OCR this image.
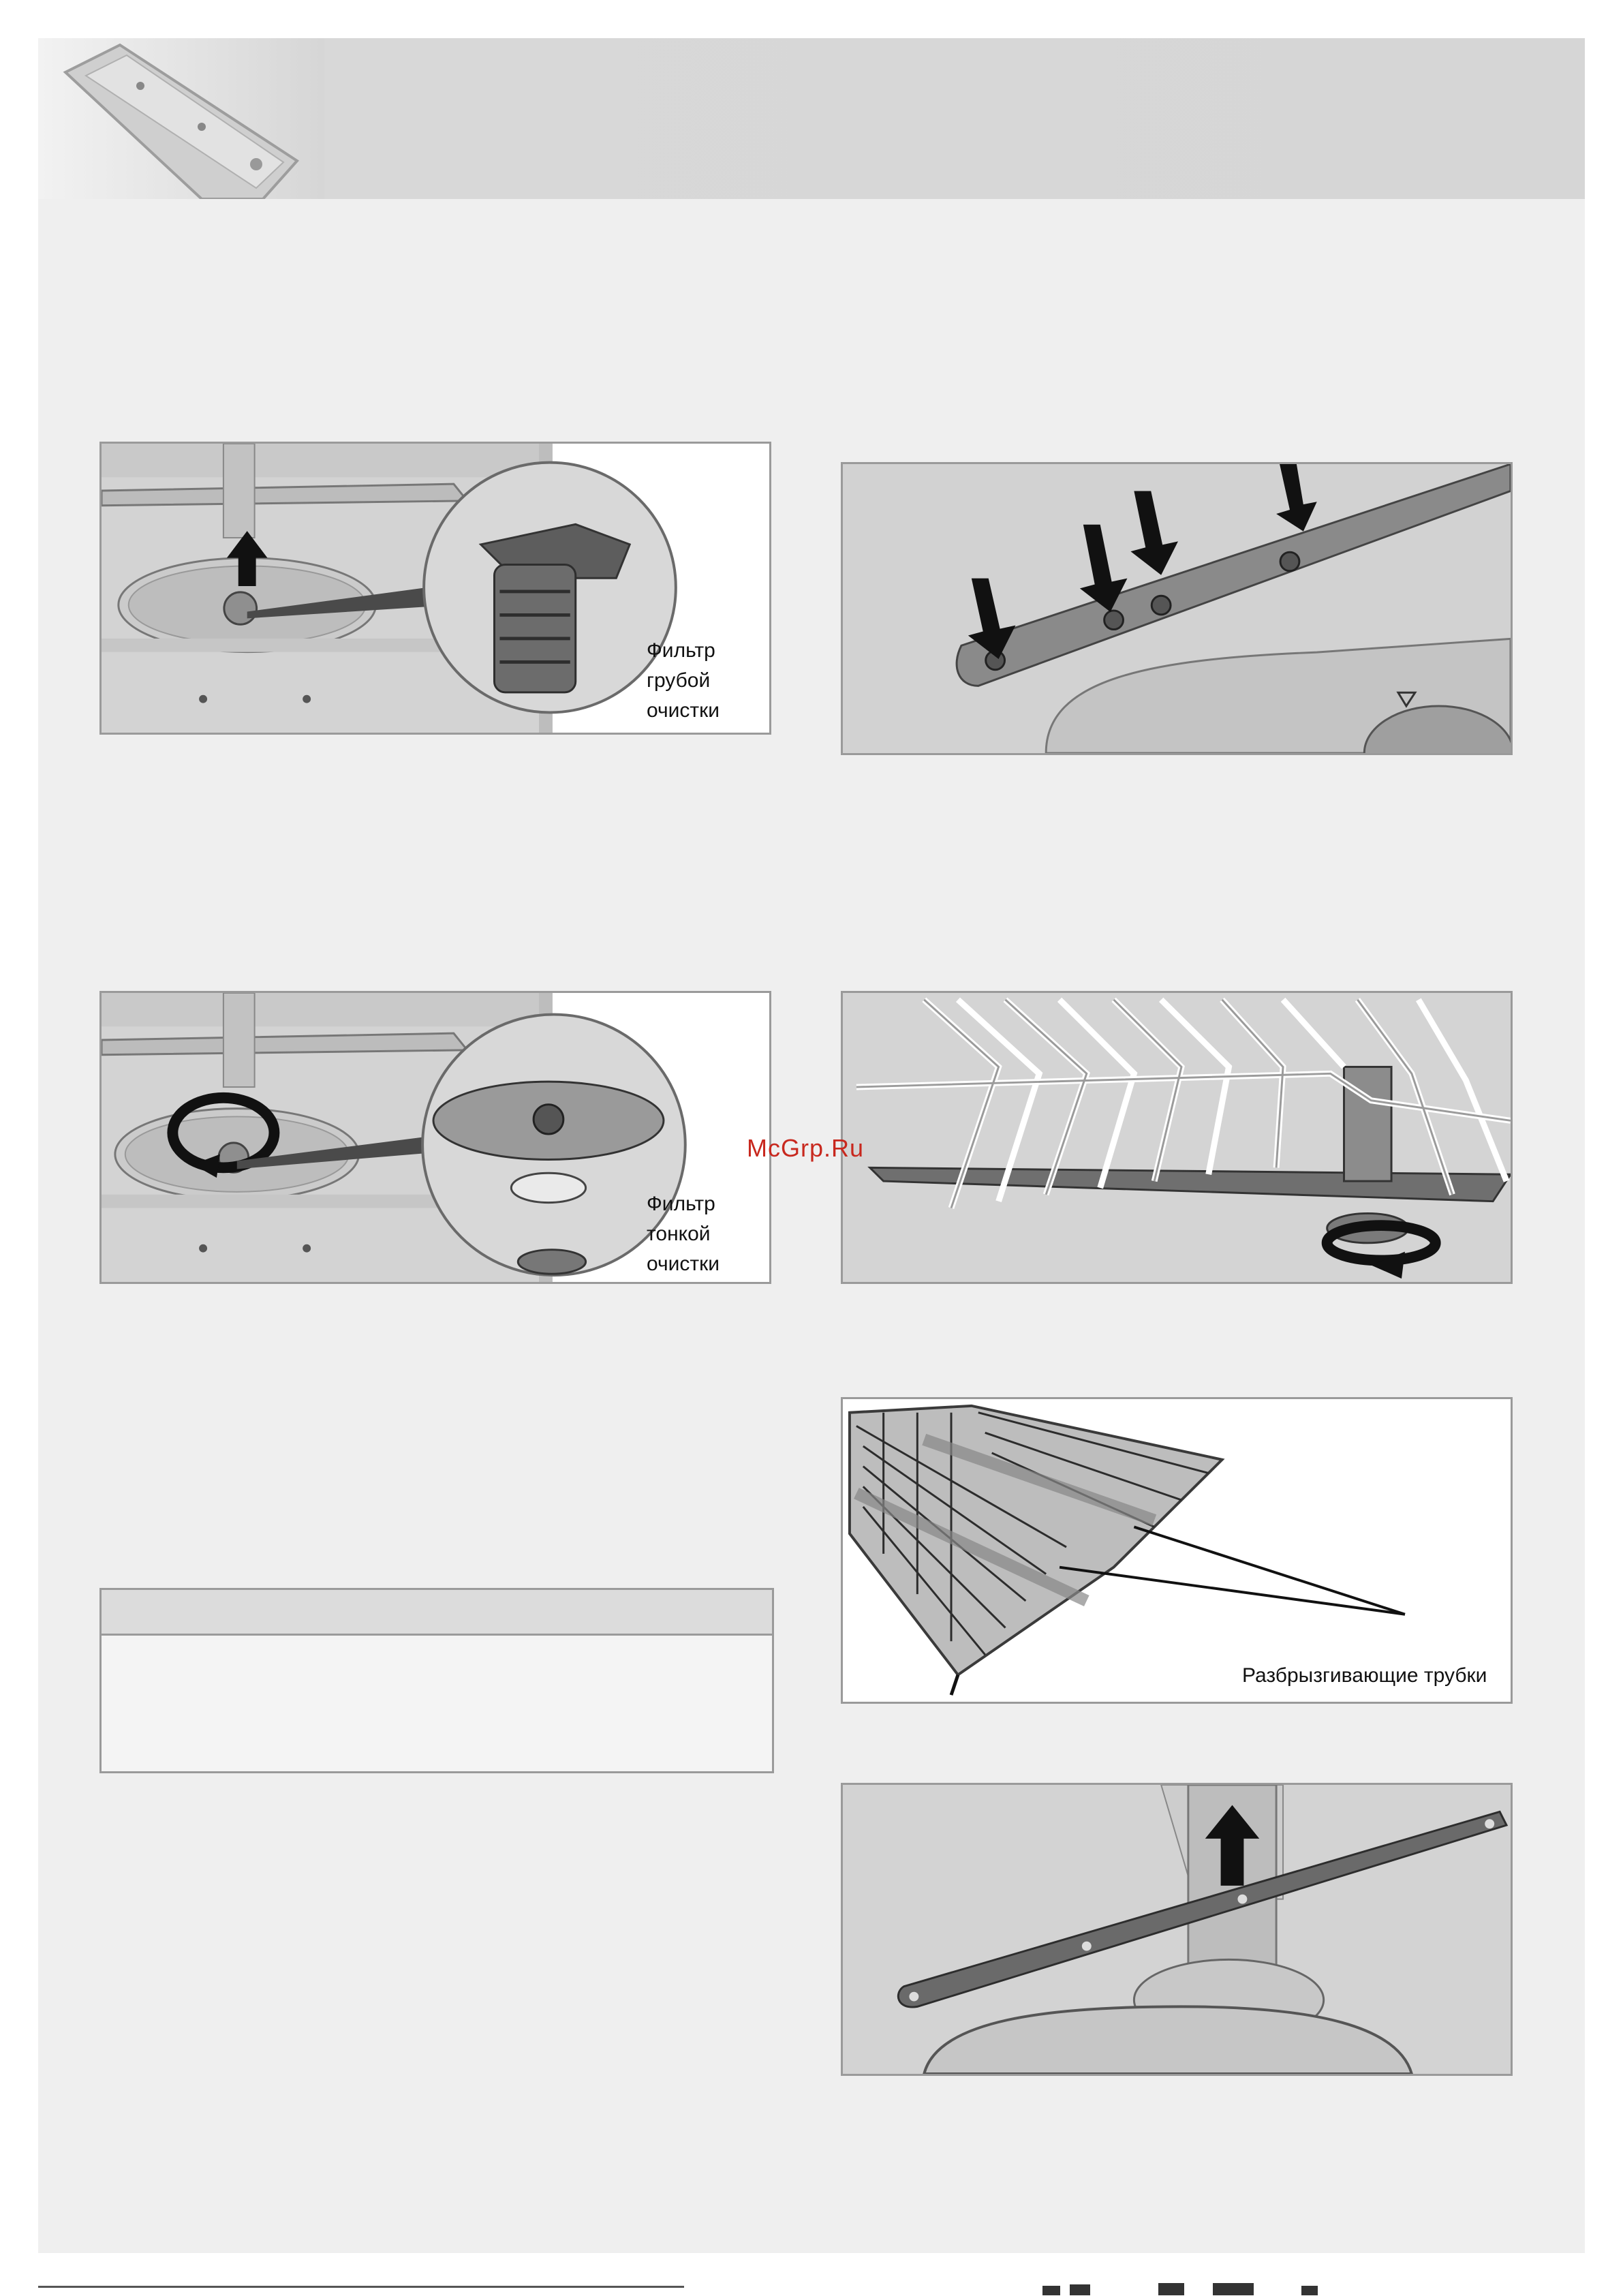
Фильтр
грубой
очистки
Фильтр
тонкой
очистки
McGrp.Ru
Разбрызгивающие трубки
